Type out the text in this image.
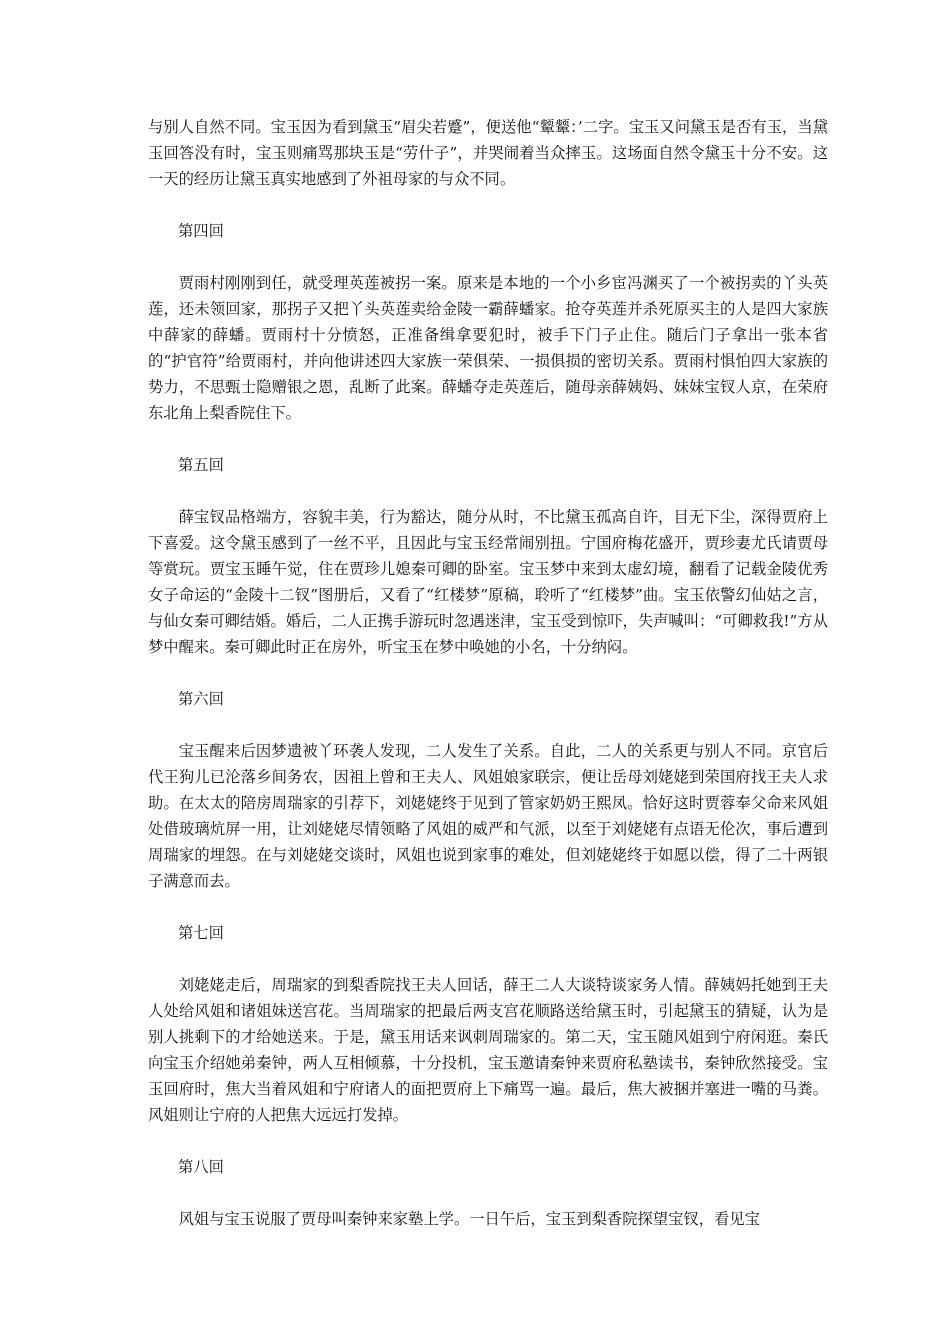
与别人自然不同。宝玉因为看到黛玉“眉尖若蹙”，便送他“颦颦：’二字。宝玉又问黛玉是否有玉，当黛玉回答没有时，宝玉则痛骂那块玉是“劳什子”，并哭闹着当众摔玉。这场面自然令黛玉十分不安。这一天的经历让黛玉真实地感到了外祖母家的与众不同。

第四回

贾雨村刚刚到任，就受理英莲被拐一案。原来是本地的一个小乡宦冯渊买了一个被拐卖的丫头英莲，还未领回家，那拐子又把丫头英莲卖给金陵一霸薛蟠家。抢夺英莲并杀死原买主的人是四大家族中薛家的薛蟠。贾雨村十分愤怒，正准备缉拿要犯时，被手下门子止住。随后门子拿出一张本省的“护官符”给贾雨村，并向他讲述四大家族一荣俱荣、一损俱损的密切关系。贾雨村惧怕四大家族的势力，不思甄士隐赠银之恩，乱断了此案。薛蟠夺走英莲后，随母亲薛姨妈、妹妹宝钗人京，在荣府东北角上梨香院住下。

第五回

薛宝钗品格端方，容貌丰美，行为豁达，随分从时，不比黛玉孤高自许，目无下尘，深得贾府上下喜爱。这令黛玉感到了一丝不平，且因此与宝玉经常闹别扭。宁国府梅花盛开，贾珍妻尤氏请贾母等赏玩。贾宝玉睡午觉，住在贾珍儿媳秦可卿的卧室。宝玉梦中来到太虚幻境，翻看了记载金陵优秀女子命运的“金陵十二钗”图册后，又看了“红楼梦”原稿，聆听了“红楼梦”曲。宝玉依警幻仙姑之言，与仙女秦可卿结婚。婚后，二人正携手游玩时忽遇迷津，宝玉受到惊吓，失声喊叫：“可卿救我!”方从梦中醒来。秦可卿此时正在房外，听宝玉在梦中唤她的小名，十分纳闷。

第六回

宝玉醒来后因梦遗被丫环袭人发现，二人发生了关系。自此，二人的关系更与别人不同。京官后代王狗儿已沦落乡间务农，因祖上曾和王夫人、风姐娘家联宗，便让岳母刘姥姥到荣国府找王夫人求助。在太太的陪房周瑞家的引荐下，刘姥姥终于见到了管家奶奶王熙凤。恰好这时贾蓉奉父命来风姐处借玻璃炕屏一用，让刘姥姥尽情领略了风姐的威严和气派，以至于刘姥姥有点语无伦次，事后遭到周瑞家的埋怨。在与刘姥姥交谈时，风姐也说到家事的难处，但刘姥姥终于如愿以偿，得了二十两银子满意而去。

第七回

刘姥姥走后，周瑞家的到梨香院找王夫人回话，薛王二人大谈特谈家务人情。薛姨妈托她到王夫人处给风姐和诸姐妹送宫花。当周瑞家的把最后两支宫花顺路送给黛玉时，引起黛玉的猜疑，认为是别人挑剩下的才给她送来。于是，黛玉用话来讽刺周瑞家的。第二天，宝玉随风姐到宁府闲逛。秦氏向宝玉介绍她弟秦钟，两人互相倾慕，十分投机，宝玉邀请秦钟来贾府私塾读书，秦钟欣然接受。宝玉回府时，焦大当着风姐和宁府诸人的面把贾府上下痛骂一遍。最后，焦大被捆并塞进一嘴的马粪。风姐则让宁府的人把焦大远远打发掉。

第八回

风姐与宝玉说服了贾母叫秦钟来家塾上学。一日午后，宝玉到梨香院探望宝钗，看见宝
